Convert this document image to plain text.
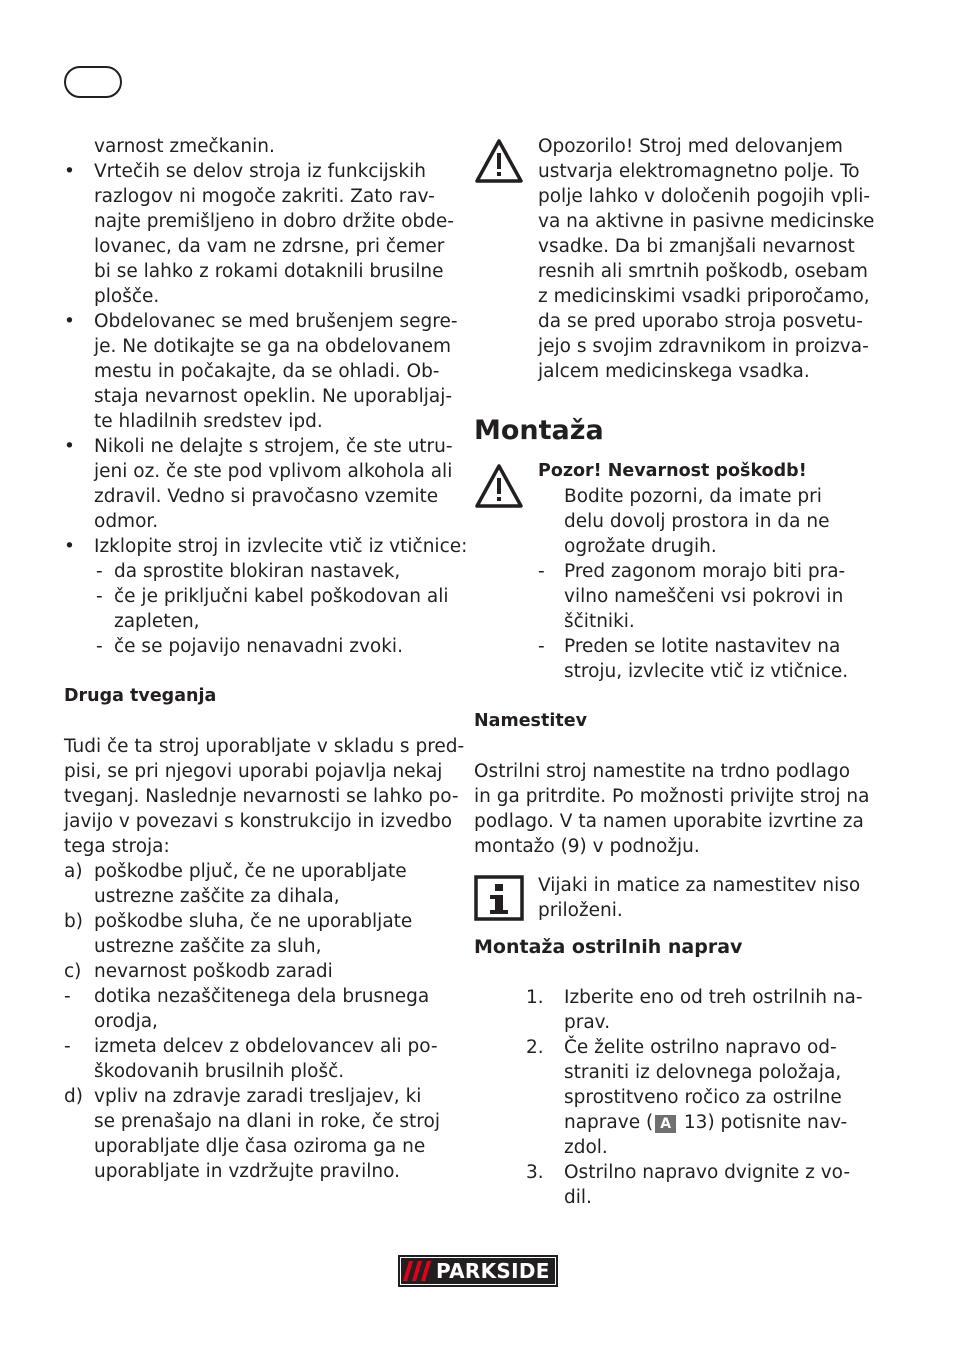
varnost zmečkanin.
• Vrtečih se delov stroja iz funkcijskih
razlogov ni mogoče zakriti. Zato rav-
najte premišljeno in dobro držite obde-
lovanec, da vam ne zdrsne, pri čemer
bi se lahko z rokami dotaknili brusilne
plošče.
• Obdelovanec se med brušenjem segre-
je. Ne dotikajte se ga na obdelovanem
mestu in počakajte, da se ohladi. Ob-
staja nevarnost opeklin. Ne uporabljaj-
te hladilnih sredstev ipd.
• Nikoli ne delajte s strojem, če ste utru-
jeni oz. če ste pod vplivom alkohola ali
zdravil. Vedno si pravočasno vzemite
odmor.
• Izklopite stroj in izvlecite vtič iz vtičnice:
- da sprostite blokiran nastavek,
- če je priključni kabel poškodovan ali
zapleten,
- če se pojavijo nenavadni zvoki.
Druga tveganja
Tudi če ta stroj uporabljate v skladu s pred-
pisi, se pri njegovi uporabi pojavlja nekaj
tveganj. Naslednje nevarnosti se lahko po-
javijo v povezavi s konstrukcijo in izvedbo
tega stroja:
a) poškodbe pljuč, če ne uporabljate
ustrezne zaščite za dihala,
b) poškodbe sluha, če ne uporabljate
ustrezne zaščite za sluh,
c) nevarnost poškodb zaradi
- dotika nezaščitenega dela brusnega
orodja,
- izmeta delcev z obdelovancev ali po-
škodovanih brusilnih plošč.
d) vpliv na zdravje zaradi tresljajev, ki
se prenašajo na dlani in roke, če stroj
uporabljate dlje časa oziroma ga ne
uporabljate in vzdržujte pravilno.
Opozorilo! Stroj med delovanjem
ustvarja elektromagnetno polje. To
polje lahko v določenih pogojih vpli-
va na aktivne in pasivne medicinske
vsadke. Da bi zmanjšali nevarnost
resnih ali smrtnih poškodb, osebam
z medicinskimi vsadki priporočamo,
da se pred uporabo stroja posvetu-
jejo s svojim zdravnikom in proizva-
jalcem medicinskega vsadka.
Montaža
Pozor! Nevarnost poškodb!
Bodite pozorni, da imate pri
delu dovolj prostora in da ne
ogrožate drugih.
- Pred zagonom morajo biti pra-
vilno nameščeni vsi pokrovi in
ščitniki.
- Preden se lotite nastavitev na
stroju, izvlecite vtič iz vtičnice.
Namestitev
Ostrilni stroj namestite na trdno podlago
in ga pritrdite. Po možnosti privijte stroj na
podlago. V ta namen uporabite izvrtine za
montažo (9) v podnožju.
Vijaki in matice za namestitev niso
priloženi.
Montaža ostrilnih naprav
1. Izberite eno od treh ostrilnih na-
prav.
2. Če želite ostrilno napravo od-
straniti iz delovnega položaja,
sprostitveno ročico za ostrilne
naprave ( A 13) potisnite nav-
zdol.
3. Ostrilno napravo dvignite z vo-
dil.
PARKSIDE
